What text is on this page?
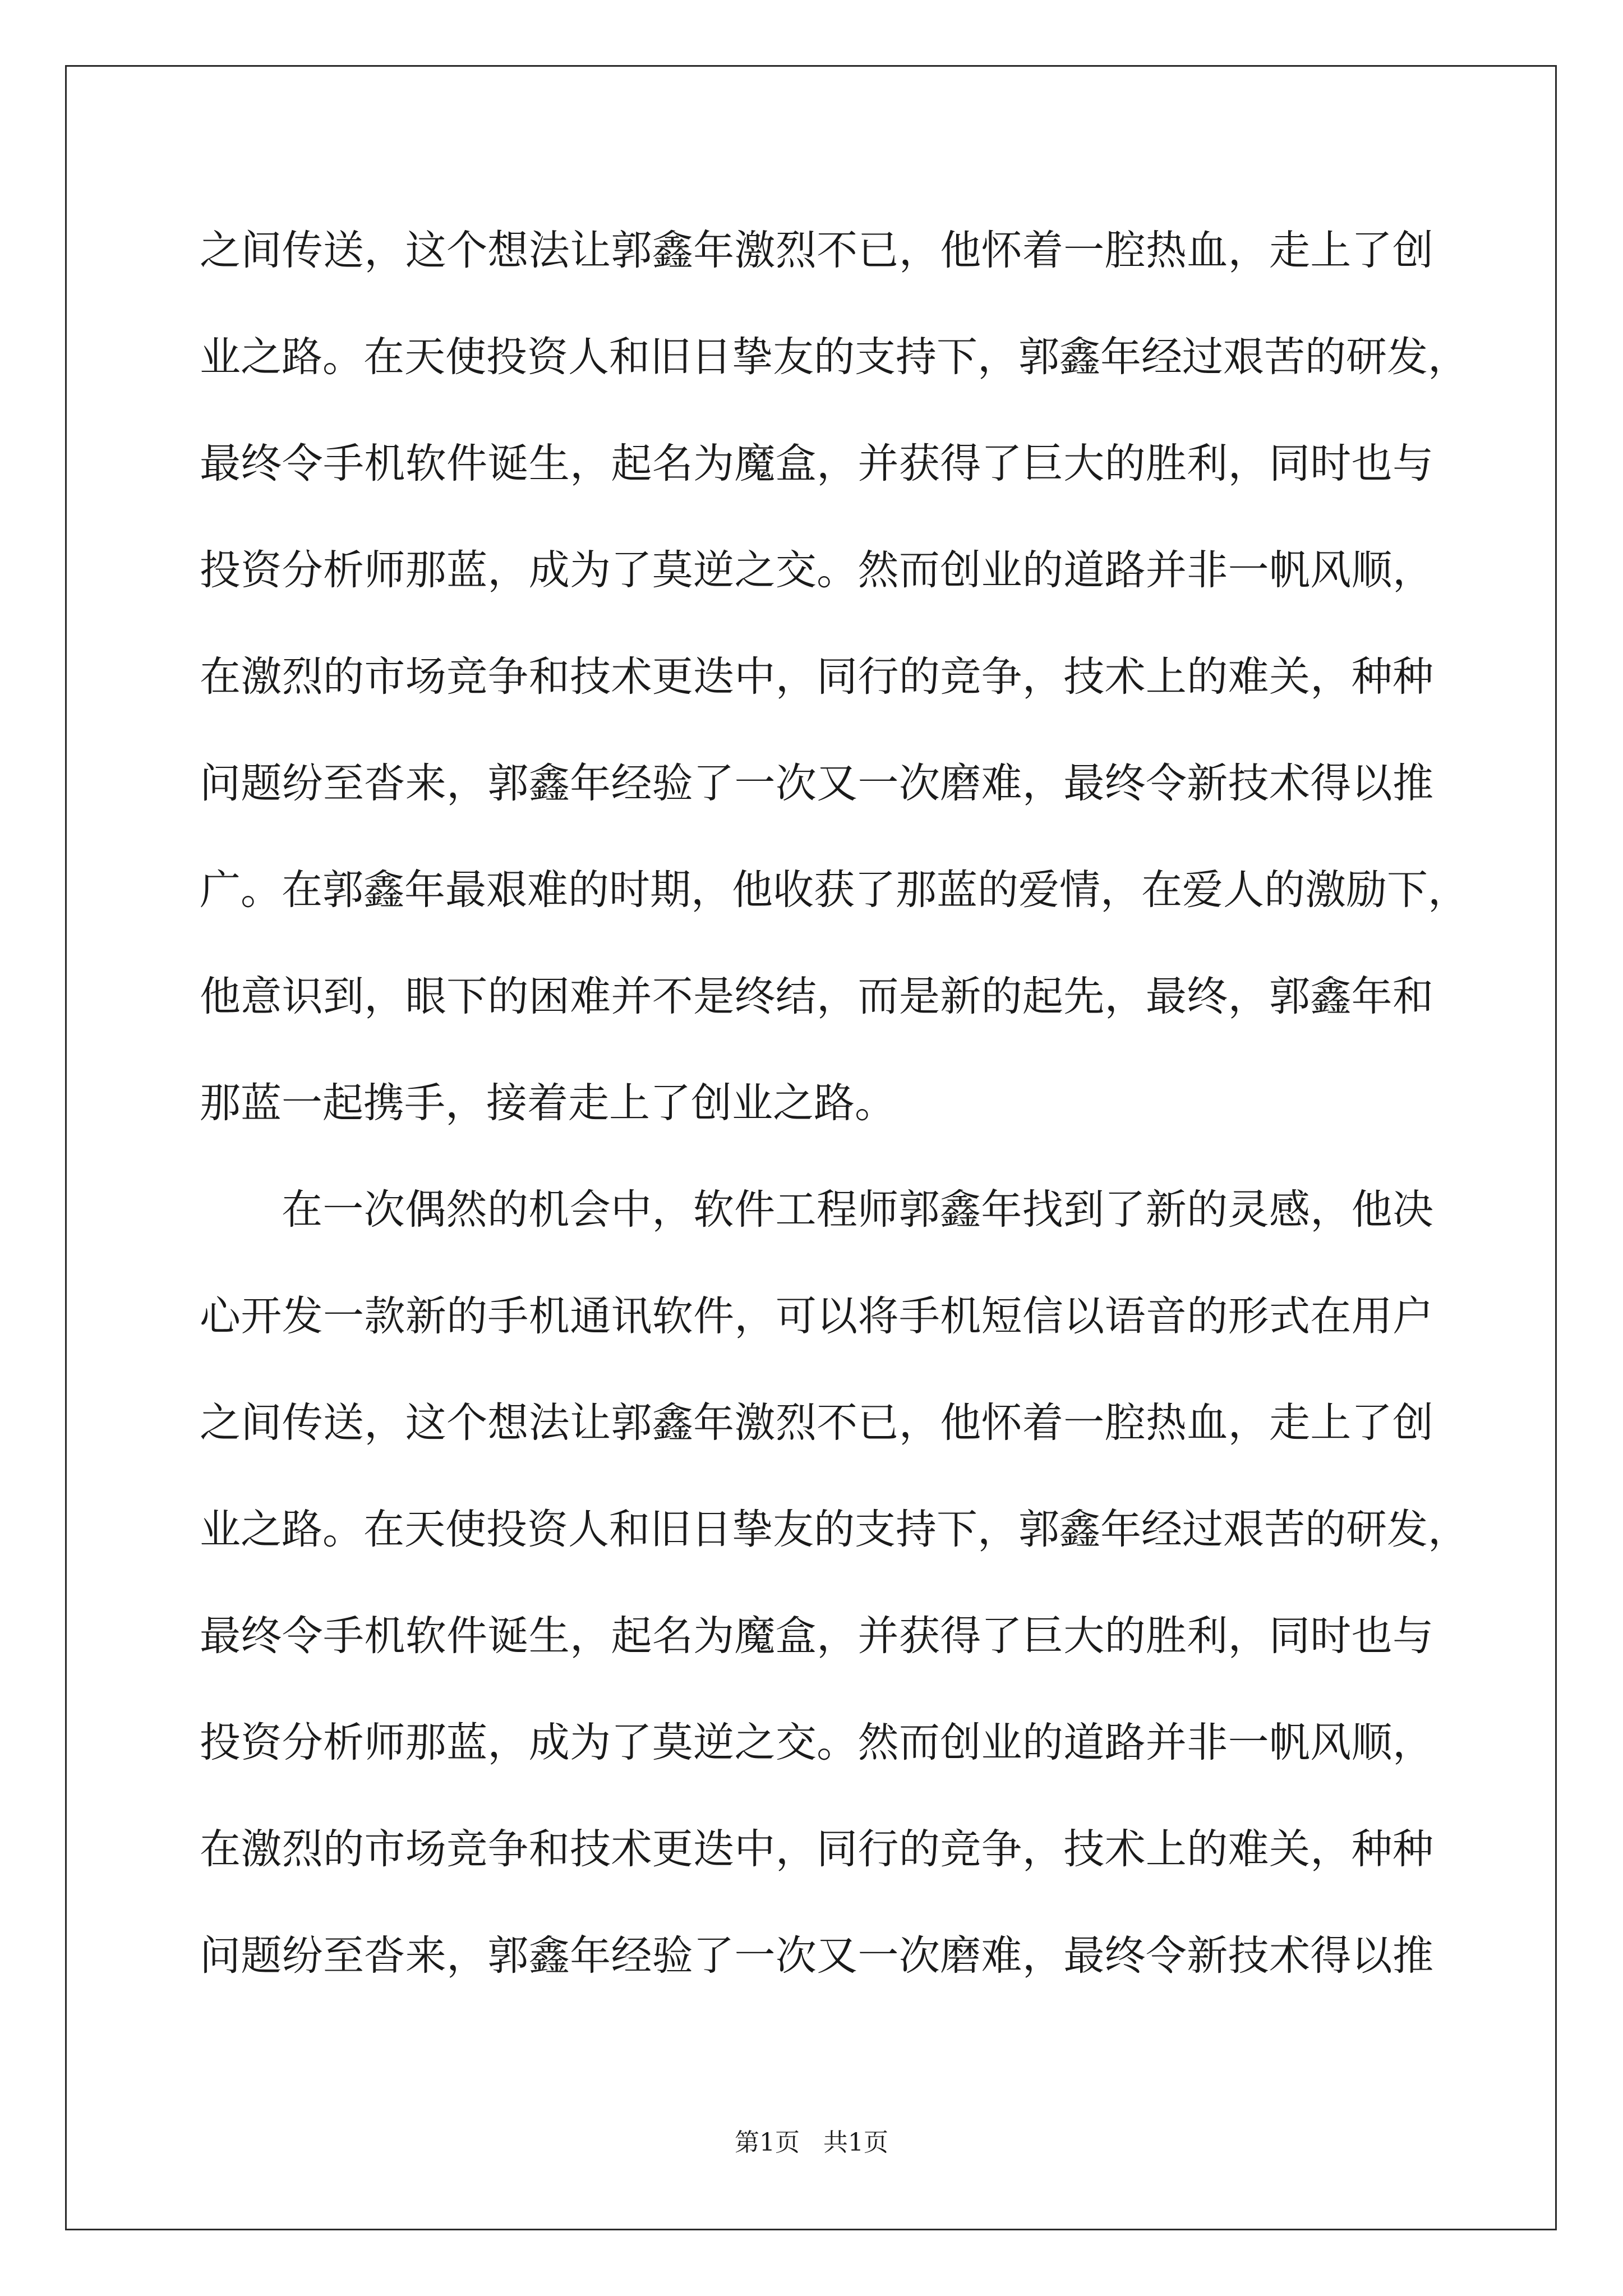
之间传送，这个想法让郭鑫年激烈不已，他怀着一腔热血，走上了创
业之路。在天使投资人和旧日挚友的支持下，郭鑫年经过艰苦的研发，
最终令手机软件诞生，起名为魔盒，并获得了巨大的胜利，同时也与
投资分析师那蓝，成为了莫逆之交。然而创业的道路并非一帆风顺，
在激烈的市场竞争和技术更迭中，同行的竞争，技术上的难关，种种
问题纷至沓来，郭鑫年经验了一次又一次磨难，最终令新技术得以推
广。在郭鑫年最艰难的时期，他收获了那蓝的爱情，在爱人的激励下，
他意识到，眼下的困难并不是终结，而是新的起先，最终，郭鑫年和
那蓝一起携手，接着走上了创业之路。
在一次偶然的机会中，软件工程师郭鑫年找到了新的灵感，他决
心开发一款新的手机通讯软件，可以将手机短信以语音的形式在用户
之间传送，这个想法让郭鑫年激烈不已，他怀着一腔热血，走上了创
业之路。在天使投资人和旧日挚友的支持下，郭鑫年经过艰苦的研发，
最终令手机软件诞生，起名为魔盒，并获得了巨大的胜利，同时也与
投资分析师那蓝，成为了莫逆之交。然而创业的道路并非一帆风顺，
在激烈的市场竞争和技术更迭中，同行的竞争，技术上的难关，种种
问题纷至沓来，郭鑫年经验了一次又一次磨难，最终令新技术得以推
第1页 共1页
